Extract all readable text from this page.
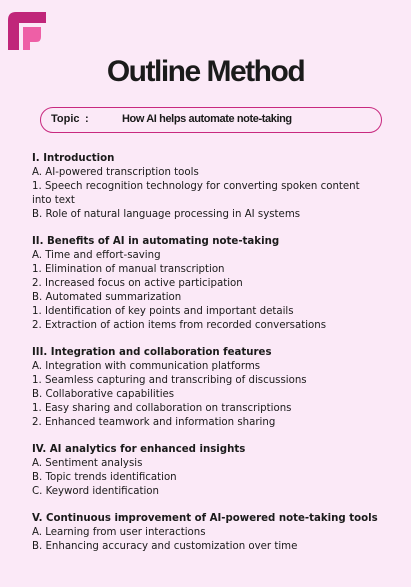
Outline Method
Topic :	How AI helps automate note-taking
I. Introduction
A. AI-powered transcription tools
1. Speech recognition technology for converting spoken content into text
B. Role of natural language processing in AI systems
II. Benefits of AI in automating note-taking
A. Time and effort-saving
1. Elimination of manual transcription
2. Increased focus on active participation
B. Automated summarization
1. Identification of key points and important details
2. Extraction of action items from recorded conversations
III. Integration and collaboration features
A. Integration with communication platforms
1. Seamless capturing and transcribing of discussions
B. Collaborative capabilities
1. Easy sharing and collaboration on transcriptions
2. Enhanced teamwork and information sharing
IV. AI analytics for enhanced insights
A. Sentiment analysis
B. Topic trends identification
C. Keyword identification
V. Continuous improvement of AI-powered note-taking tools
A. Learning from user interactions
B. Enhancing accuracy and customization over time
